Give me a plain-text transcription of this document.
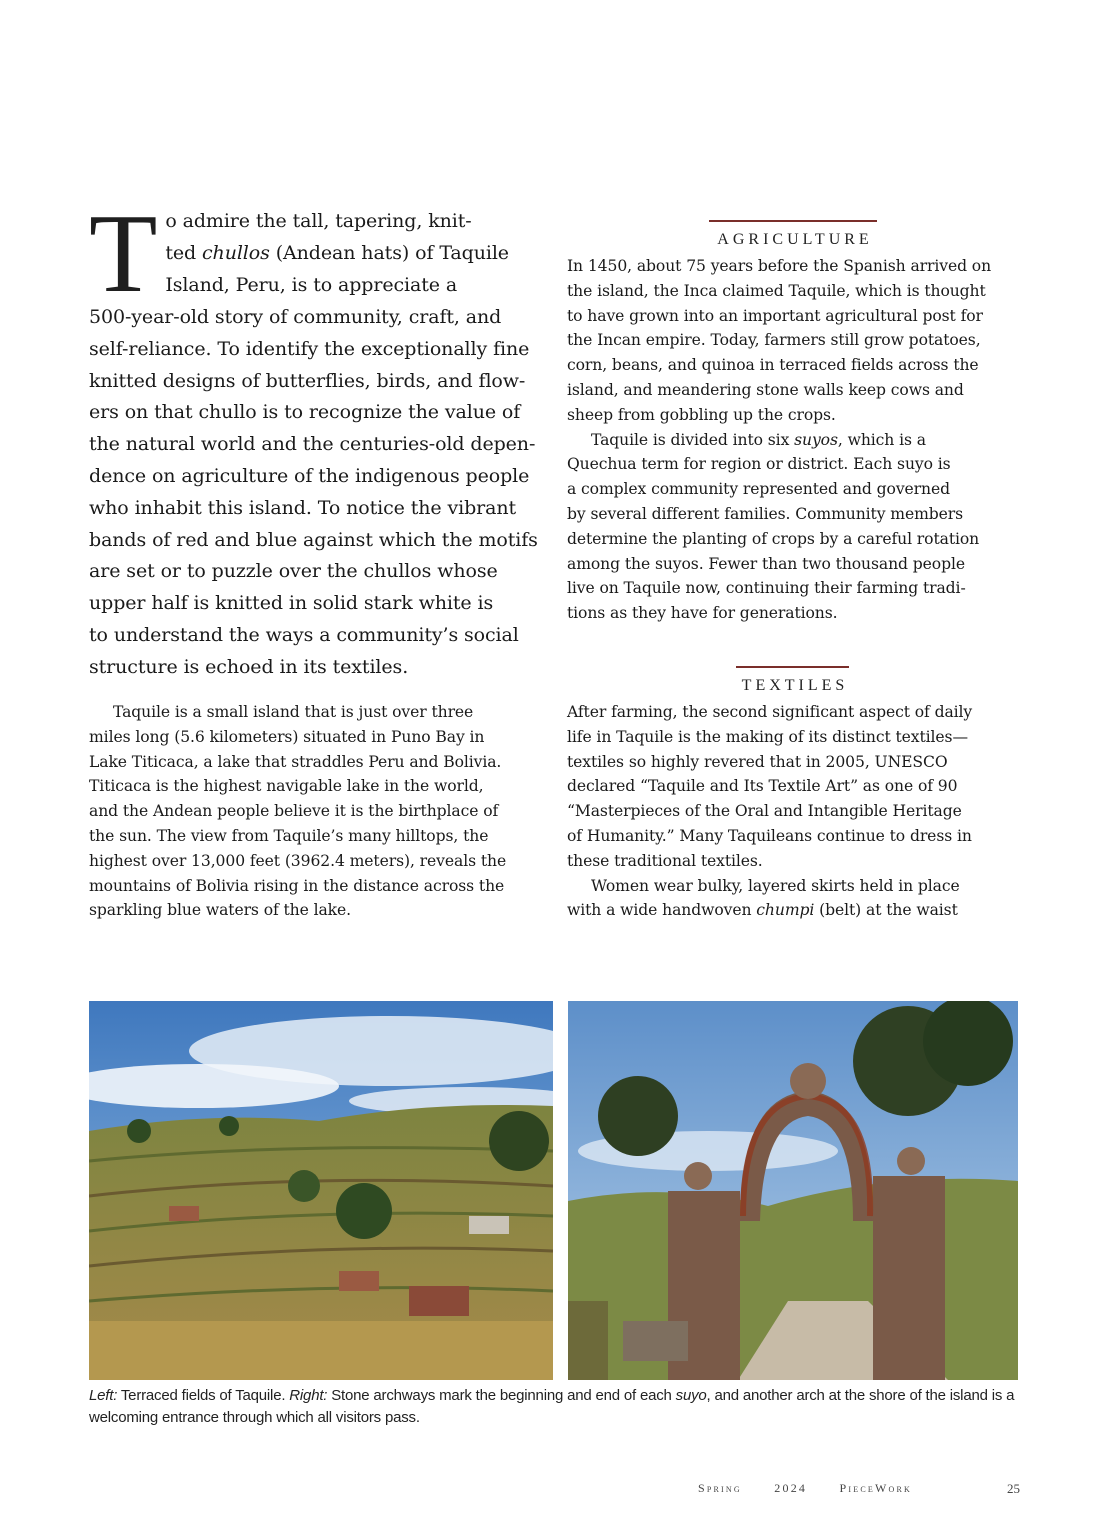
T o admire the tall, tapering, knit-
ted chullos (Andean hats) of Taquile
Island, Peru, is to appreciate a
500-year-old story of community, craft, and
self-reliance. To identify the exceptionally fine
knitted designs of butterflies, birds, and flow-
ers on that chullo is to recognize the value of
the natural world and the centuries-old depen-
dence on agriculture of the indigenous people
who inhabit this island. To notice the vibrant
bands of red and blue against which the motifs
are set or to puzzle over the chullos whose
upper half is knitted in solid stark white is
to understand the ways a community’s social
structure is echoed in its textiles.
Taquile is a small island that is just over three
miles long (5.6 kilometers) situated in Puno Bay in
Lake Titicaca, a lake that straddles Peru and Bolivia.
Titicaca is the highest navigable lake in the world,
and the Andean people believe it is the birthplace of
the sun. The view from Taquile’s many hilltops, the
highest over 13,000 feet (3962.4 meters), reveals the
mountains of Bolivia rising in the distance across the
sparkling blue waters of the lake.
AGRICULTURE
In 1450, about 75 years before the Spanish arrived on
the island, the Inca claimed Taquile, which is thought
to have grown into an important agricultural post for
the Incan empire. Today, farmers still grow potatoes,
corn, beans, and quinoa in terraced fields across the
island, and meandering stone walls keep cows and
sheep from gobbling up the crops.
Taquile is divided into six suyos, which is a
Quechua term for region or district. Each suyo is
a complex community represented and governed
by several different families. Community members
determine the planting of crops by a careful rotation
among the suyos. Fewer than two thousand people
live on Taquile now, continuing their farming tradi-
tions as they have for generations.
TEXTILES
After farming, the second significant aspect of daily
life in Taquile is the making of its distinct textiles—
textiles so highly revered that in 2005, UNESCO
declared “Taquile and Its Textile Art” as one of 90
“Masterpieces of the Oral and Intangible Heritage
of Humanity.” Many Taquileans continue to dress in
these traditional textiles.
Women wear bulky, layered skirts held in place
with a wide handwoven chumpi (belt) at the waist
Left: Terraced fields of Taquile. Right: Stone archways mark the beginning and end of each suyo, and another arch at the shore of the island is a
welcoming entrance through which all visitors pass.
Spring	2024	PieceWork	25
